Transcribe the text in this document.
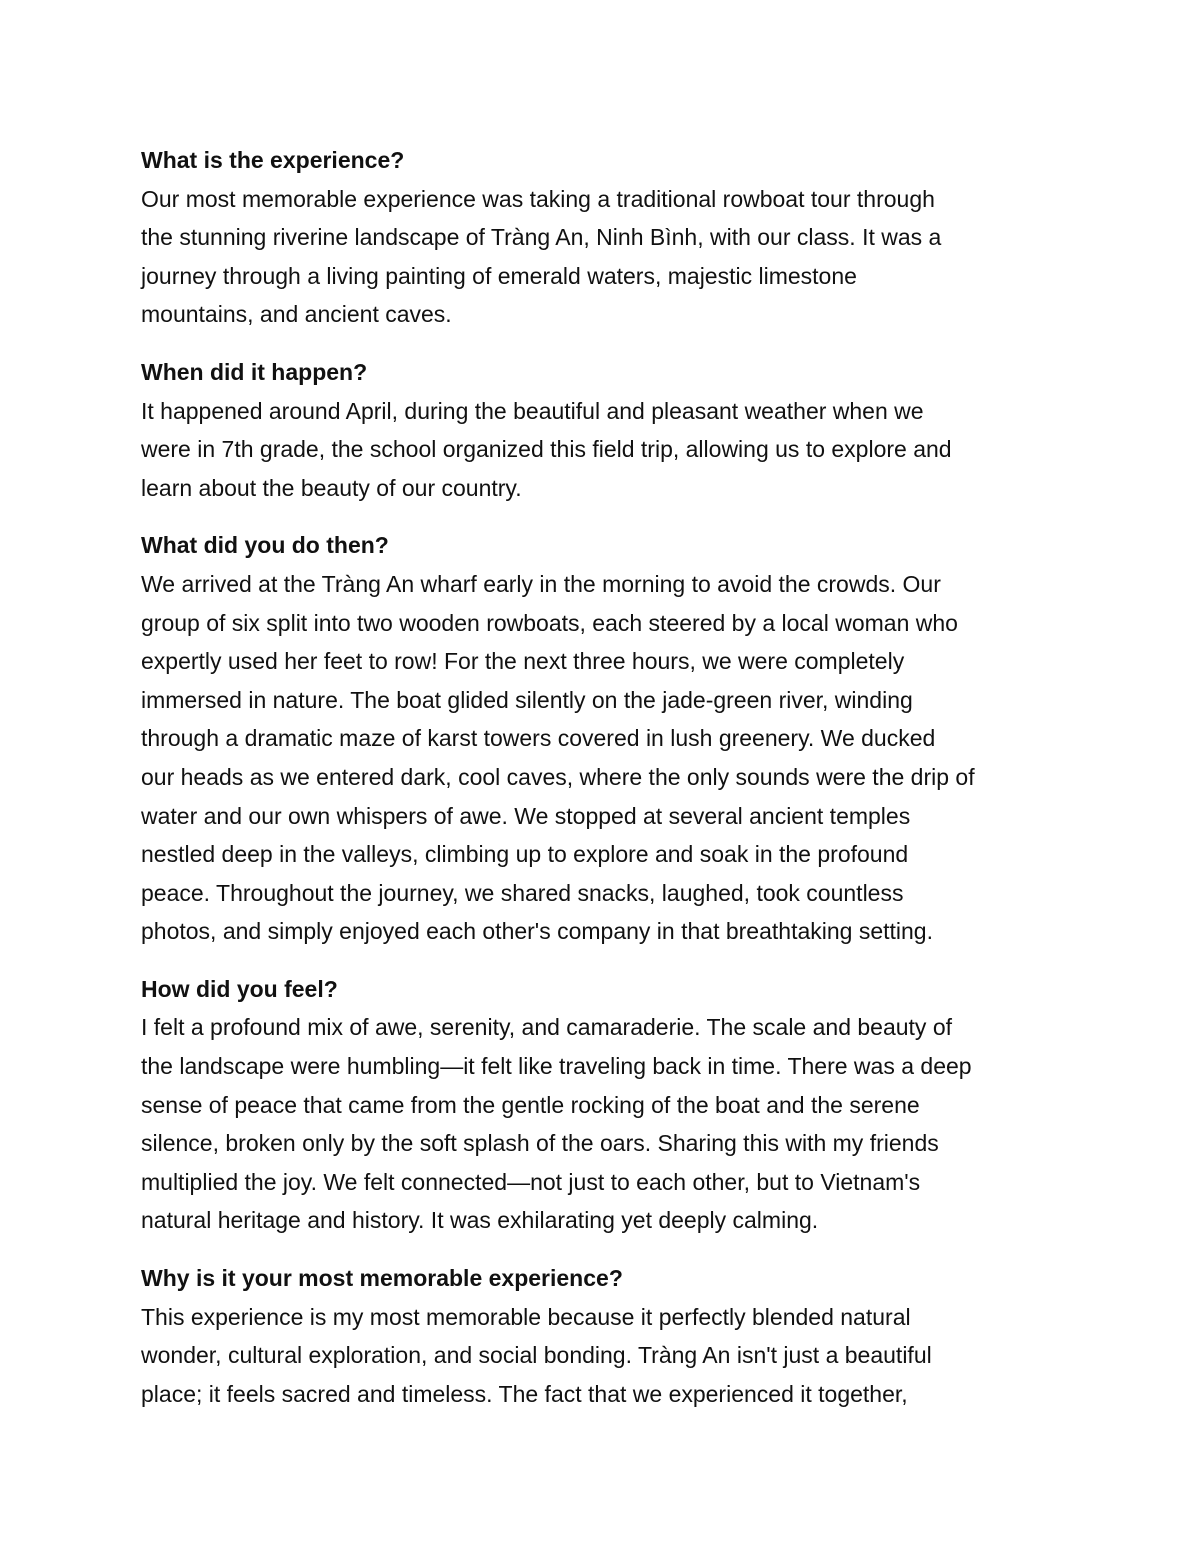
What is the experience?

Our most memorable experience was taking a traditional rowboat tour through
the stunning riverine landscape of Tràng An, Ninh Bình, with our class. It was a
journey through a living painting of emerald waters, majestic limestone
mountains, and ancient caves.

When did it happen?

It happened around April, during the beautiful and pleasant weather when we
were in 7th grade, the school organized this field trip, allowing us to explore and
learn about the beauty of our country.

What did you do then?

We arrived at the Tràng An wharf early in the morning to avoid the crowds. Our
group of six split into two wooden rowboats, each steered by a local woman who
expertly used her feet to row! For the next three hours, we were completely
immersed in nature. The boat glided silently on the jade-green river, winding
through a dramatic maze of karst towers covered in lush greenery. We ducked
our heads as we entered dark, cool caves, where the only sounds were the drip of
water and our own whispers of awe. We stopped at several ancient temples
nestled deep in the valleys, climbing up to explore and soak in the profound
peace. Throughout the journey, we shared snacks, laughed, took countless
photos, and simply enjoyed each other's company in that breathtaking setting.

How did you feel?

I felt a profound mix of awe, serenity, and camaraderie. The scale and beauty of
the landscape were humbling—it felt like traveling back in time. There was a deep
sense of peace that came from the gentle rocking of the boat and the serene
silence, broken only by the soft splash of the oars. Sharing this with my friends
multiplied the joy. We felt connected—not just to each other, but to Vietnam's
natural heritage and history. It was exhilarating yet deeply calming.

Why is it your most memorable experience?

This experience is my most memorable because it perfectly blended natural
wonder, cultural exploration, and social bonding. Tràng An isn't just a beautiful
place; it feels sacred and timeless. The fact that we experienced it together,
